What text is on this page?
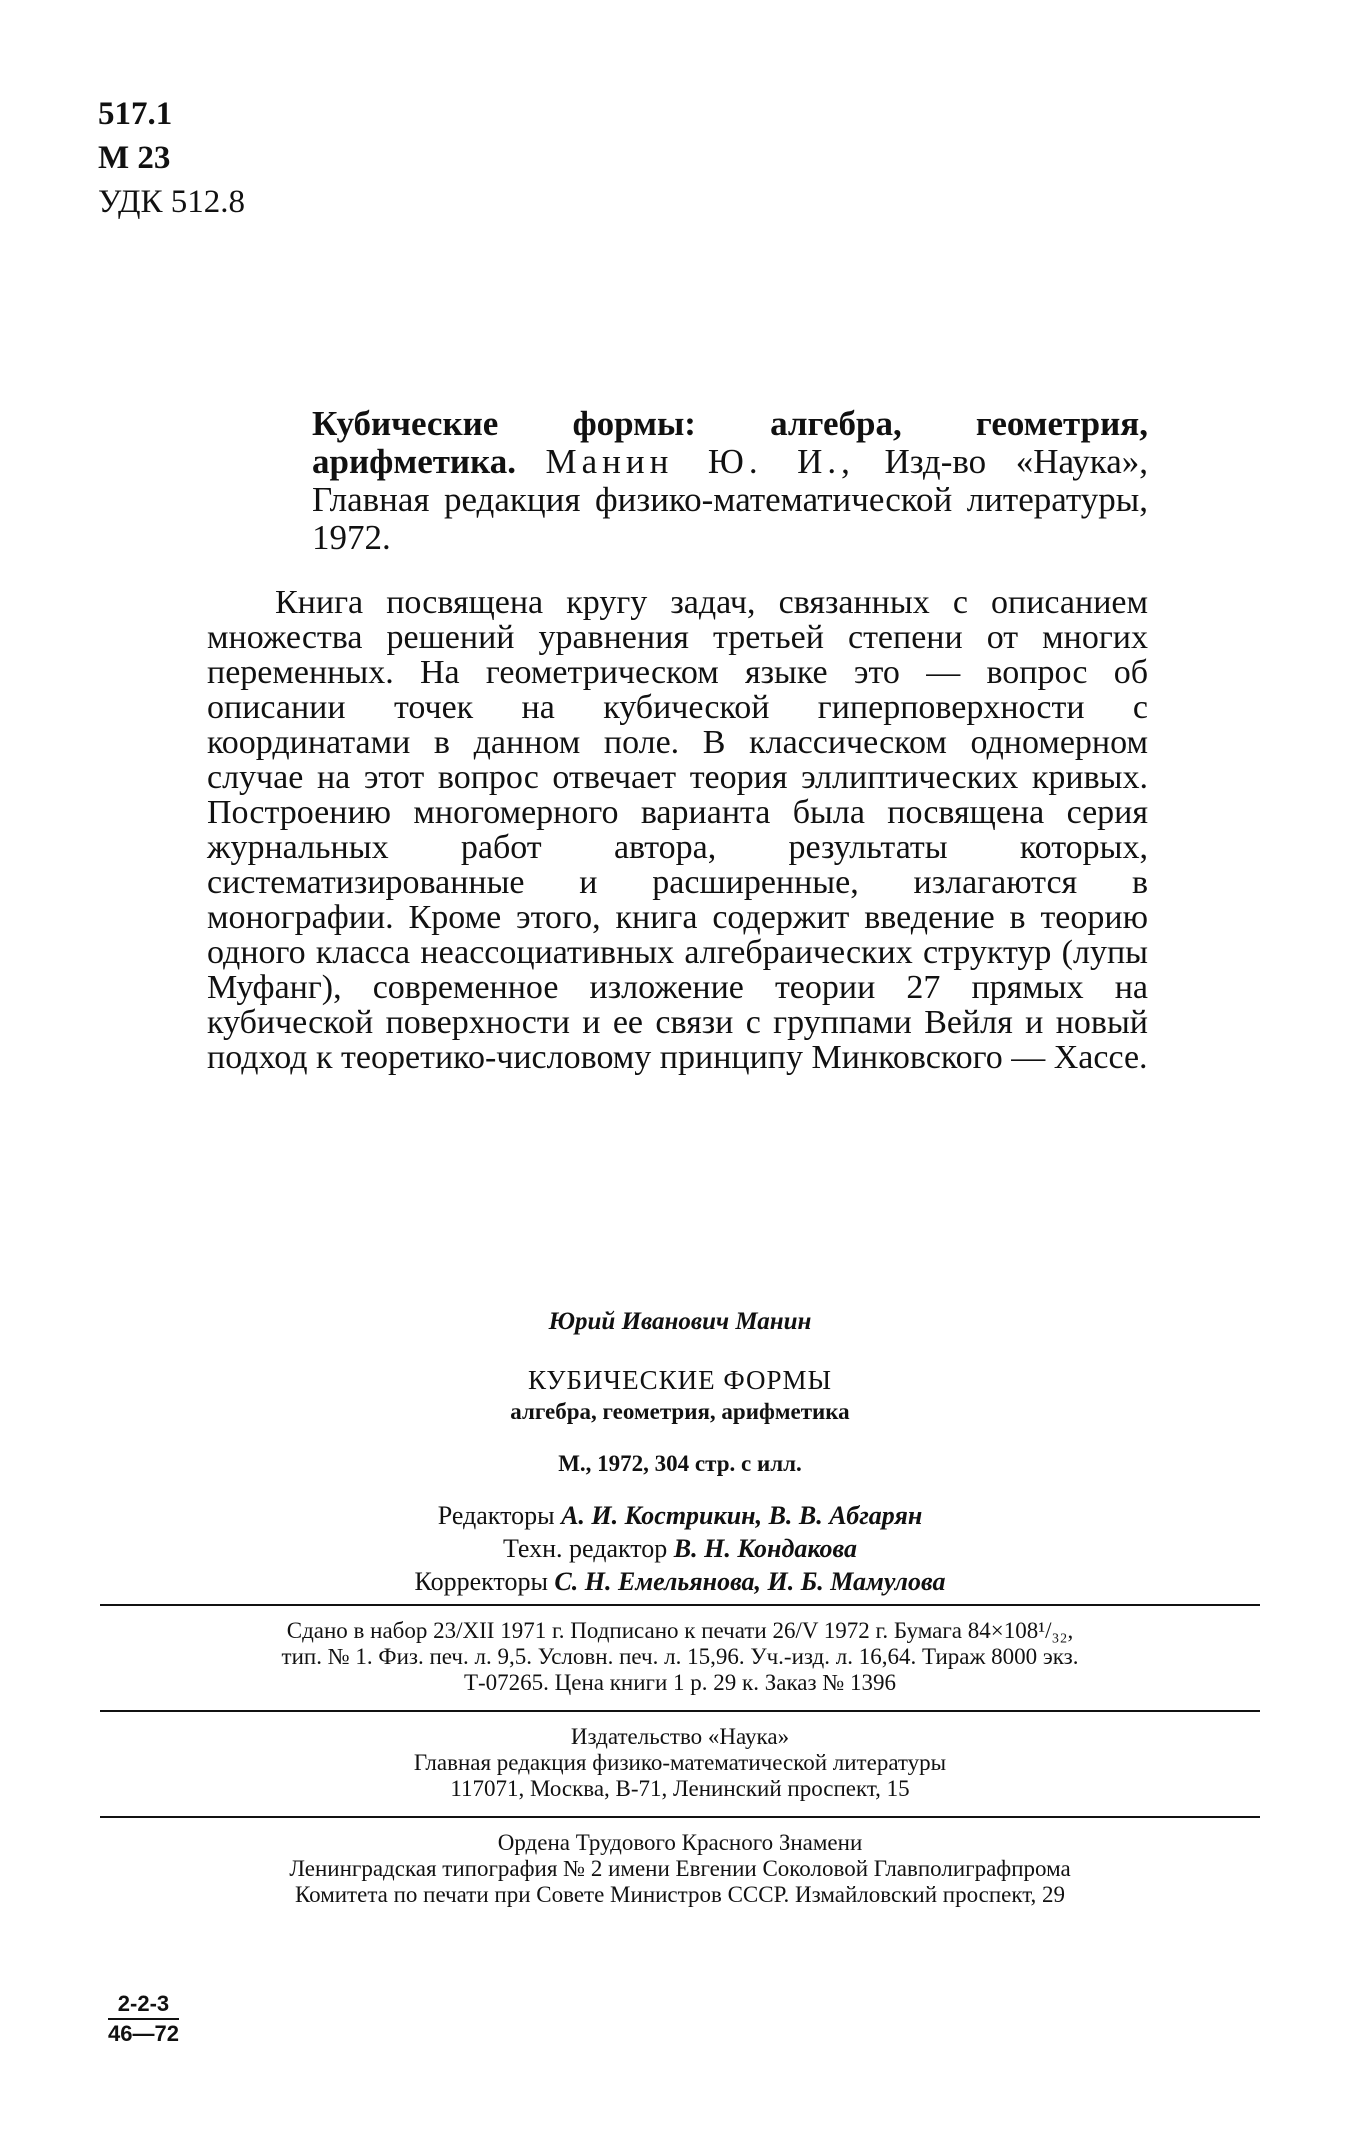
517.1
М 23
УДК 512.8
Кубические формы: алгебра, геометрия, арифметика. Манин Ю. И., Изд-во «Наука», Главная редакция физико-математической литературы, 1972.
Книга посвящена кругу задач, связанных с описанием множества решений уравнения третьей степени от многих переменных. На геометрическом языке это — вопрос об описании точек на кубической гиперповерхности с координатами в данном поле. В классическом одномерном случае на этот вопрос отвечает теория эллиптических кривых. Построению многомерного варианта была посвящена серия журнальных работ автора, результаты которых, систематизированные и расширенные, излагаются в монографии. Кроме этого, книга содержит введение в теорию одного класса неассоциативных алгебраических структур (лупы Муфанг), современное изложение теории 27 прямых на кубической поверхности и ее связи с группами Вейля и новый подход к теоретико-числовому принципу Минковского — Хассе.
Юрий Иванович Манин
КУБИЧЕСКИЕ ФОРМЫ
алгебра, геометрия, арифметика
М., 1972, 304 стр. с илл.
Редакторы А. И. Кострикин, В. В. Абгарян
Техн. редактор В. Н. Кондакова
Корректоры С. Н. Емельянова, И. Б. Мамулова
Сдано в набор 23/XII 1971 г. Подписано к печати 26/V 1972 г. Бумага 84×108¹/₃₂,
тип. № 1. Физ. печ. л. 9,5. Условн. печ. л. 15,96. Уч.-изд. л. 16,64. Тираж 8000 экз.
Т-07265. Цена книги 1 р. 29 к. Заказ № 1396
Издательство «Наука»
Главная редакция физико-математической литературы
117071, Москва, В-71, Ленинский проспект, 15
Ордена Трудового Красного Знамени
Ленинградская типография № 2 имени Евгении Соколовой Главполиграфпрома
Комитета по печати при Совете Министров СССР. Измайловский проспект, 29
$\frac{2-2-3}{46—72}$
